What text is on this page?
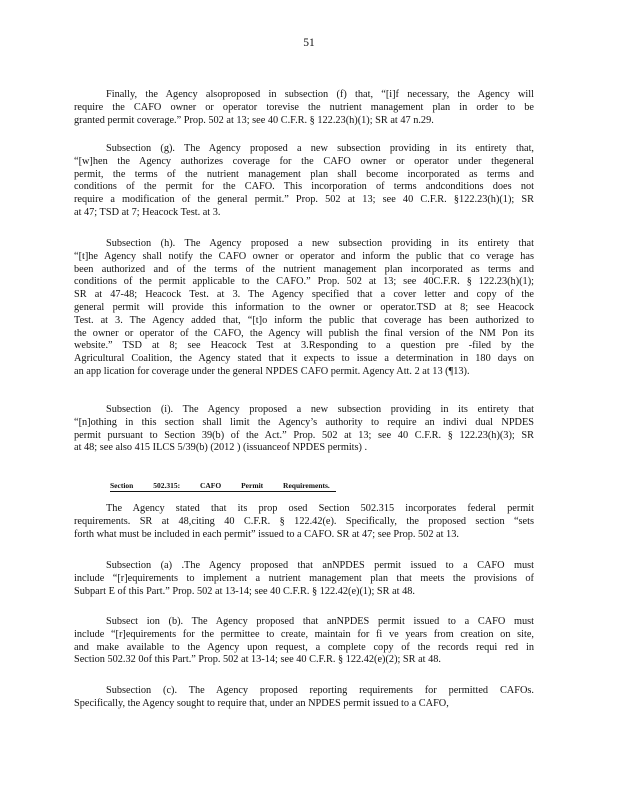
51
Finally, the Agency alsoproposed in subsection (f) that, “[i]f necessary, the Agency will
require the CAFO owner or operator torevise the nutrient management plan in order to be
granted permit coverage.” Prop. 502 at 13; see 40 C.F.R. § 122.23(h)(1); SR at 47 n.29.
Subsection (g). The Agency proposed a new subsection providing in its entirety that,
“[w]hen the Agency authorizes coverage for the CAFO owner or operator under thegeneral
permit, the terms of the nutrient management plan shall become incorporated as terms and
conditions of the permit for the CAFO. This incorporation of terms andconditions does not
require a modification of the general permit.” Prop. 502 at 13; see 40 C.F.R. §122.23(h)(1); SR
at 47; TSD at 7; Heacock Test. at 3.
Subsection (h). The Agency proposed a new subsection providing in its entirety that
“[t]he Agency shall notify the CAFO owner or operator and inform the public that co verage has
been authorized and of the terms of the nutrient management plan incorporated as terms and
conditions of the permit applicable to the CAFO.” Prop. 502 at 13; see 40C.F.R. § 122.23(h)(1);
SR at 47-48; Heacock Test. at 3. The Agency specified that a cover letter and copy of the
general permit will provide this information to the owner or operator.TSD at 8; see Heacock
Test. at 3. The Agency added that, “[t]o inform the public that coverage has been authorized to
the owner or operator of the CAFO, the Agency will publish the final version of the NM Pon its
website.” TSD at 8; see Heacock Test at 3.Responding to a question pre -filed by the
Agricultural Coalition, the Agency stated that it expects to issue a determination in 180 days on
an app lication for coverage under the general NPDES CAFO permit. Agency Att. 2 at 13 (¶13).
Subsection (i). The Agency proposed a new subsection providing in its entirety that
“[n]othing in this section shall limit the Agency’s authority to require an indivi dual NPDES
permit pursuant to Section 39(b) of the Act.” Prop. 502 at 13; see 40 C.F.R. § 122.23(h)(3); SR
at 48; see also 415 ILCS 5/39(b) (2012 ) (issuanceof NPDES permits) .
Section	502.315:	CAFO	Permit	Requirements.
The Agency stated that its prop osed Section 502.315 incorporates federal permit
requirements. SR at 48,citing 40 C.F.R. § 122.42(e). Specifically, the proposed section “sets
forth what must be included in each permit” issued to a CAFO. SR at 47; see Prop. 502 at 13.
Subsection (a) .The Agency proposed that anNPDES permit issued to a CAFO must
include “[r]equirements to implement a nutrient management plan that meets the provisions of
Subpart E of this Part.” Prop. 502 at 13-14; see 40 C.F.R. § 122.42(e)(1); SR at 48.
Subsect ion (b). The Agency proposed that anNPDES permit issued to a CAFO must
include “[r]equirements for the permittee to create, maintain for fi ve years from creation on site,
and make available to the Agency upon request, a complete copy of the records requi red in
Section 502.32 0of this Part.” Prop. 502 at 13-14; see 40 C.F.R. § 122.42(e)(2); SR at 48.
Subsection (c). The Agency proposed reporting requirements for permitted CAFOs.
Specifically, the Agency sought to require that, under an NPDES permit issued to a CAFO,
